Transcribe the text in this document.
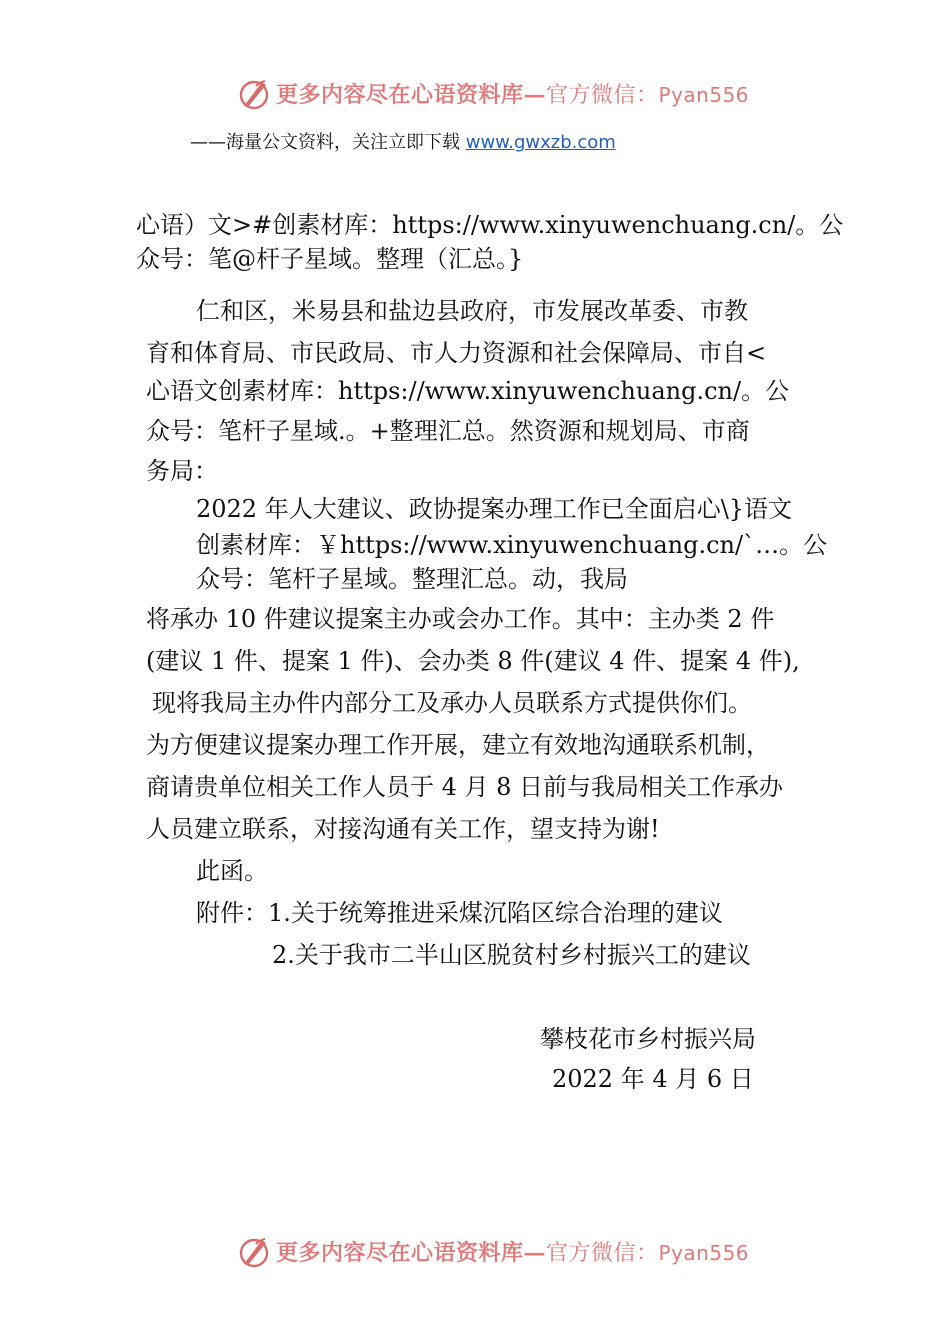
更多内容尽在心语资料库—官方微信：Pyan556
——海量公文资料，关注立即下载 www.gwxzb.com
心语）文>#创素材库：https://www.xinyuwenchuang.cn/。公
众号：笔@杆子星域。整理（汇总。}
仁和区，米易县和盐边县政府，市发展改革委、市教
育和体育局、市民政局、市人力资源和社会保障局、市自<
心语文创素材库：https://www.xinyuwenchuang.cn/。公
众号：笔杆子星域.。+整理汇总。然资源和规划局、市商
务局：
2022 年人大建议、政协提案办理工作已全面启心\}语文
创素材库：￥https://www.xinyuwenchuang.cn/`…。公
众号：笔杆子星域。整理汇总。动，我局
将承办 10 件建议提案主办或会办工作。其中：主办类 2 件
(建议 1 件、提案 1 件)、会办类 8 件(建议 4 件、提案 4 件),
现将我局主办件内部分工及承办人员联系方式提供你们。
为方便建议提案办理工作开展，建立有效地沟通联系机制，
商请贵单位相关工作人员于 4 月 8 日前与我局相关工作承办
人员建立联系，对接沟通有关工作，望支持为谢!
此函。
附件：1.关于统筹推进采煤沉陷区综合治理的建议
2.关于我市二半山区脱贫村乡村振兴工的建议
攀枝花市乡村振兴局
2022 年 4 月 6 日
更多内容尽在心语资料库—官方微信：Pyan556
